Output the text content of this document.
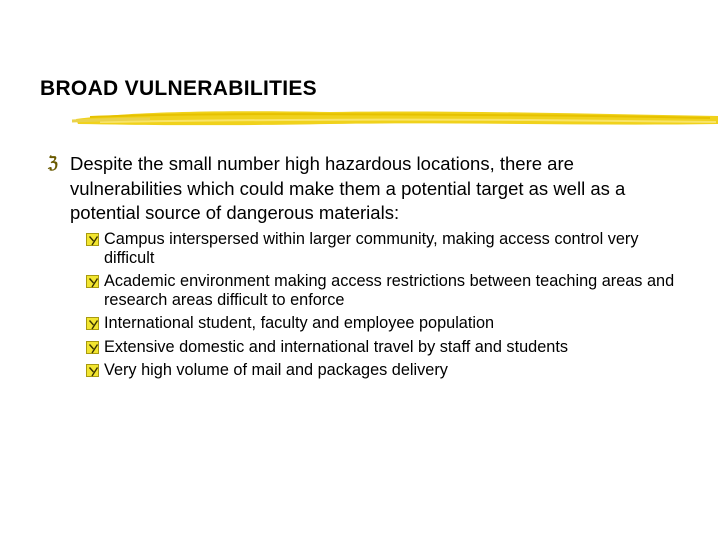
BROAD VULNERABILITIES
ℨ Despite the small number high hazardous locations, there are vulnerabilities which could make them a potential target as well as a potential source of dangerous materials:
Campus interspersed within larger community, making access control very difficult
Academic environment making access restrictions between teaching areas and research areas difficult to enforce
International student, faculty and employee population
Extensive domestic and international travel by staff and students
Very high volume of mail and packages delivery
